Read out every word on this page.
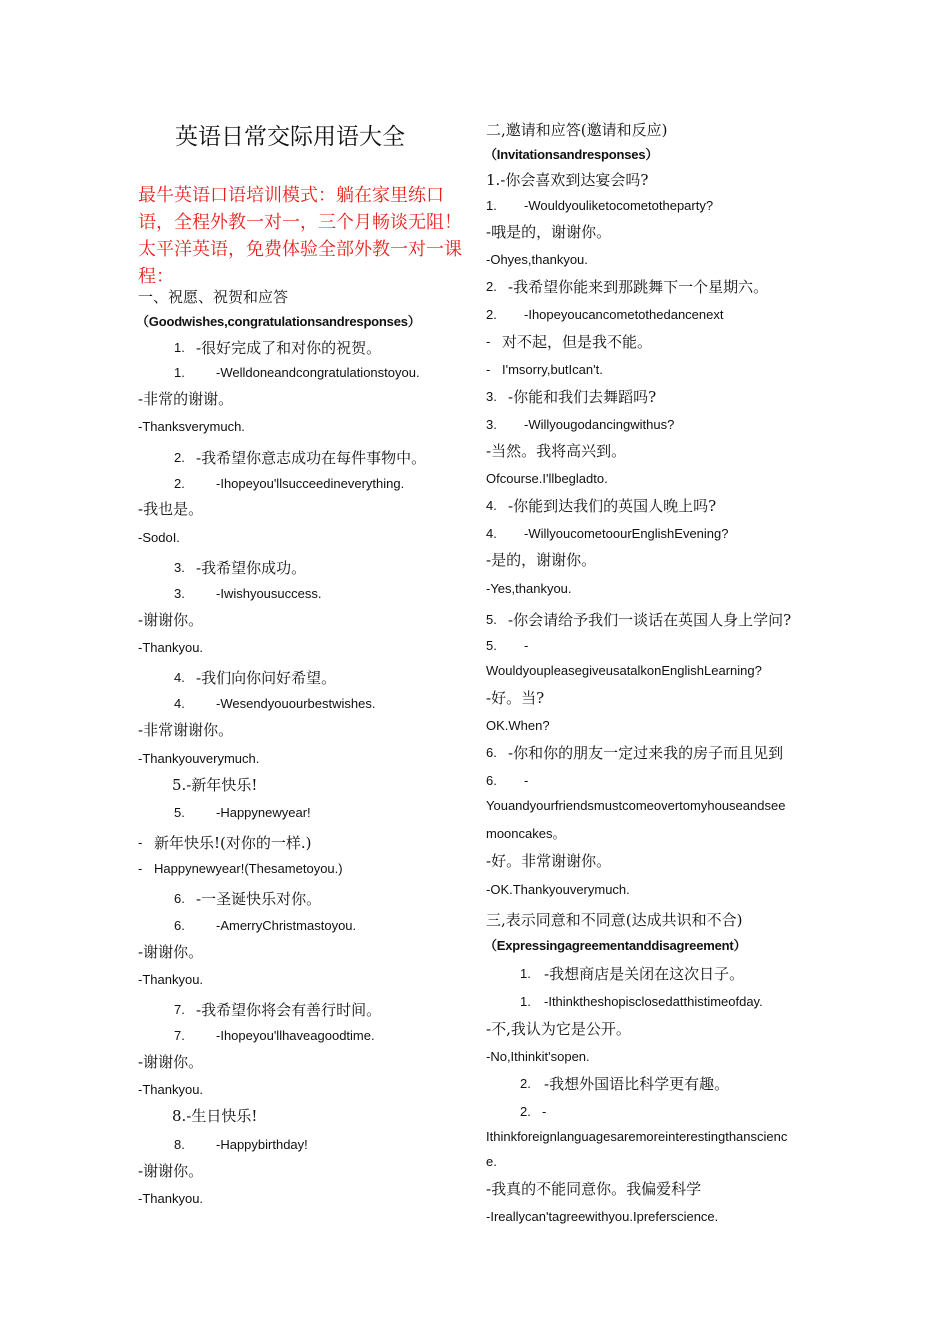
英语日常交际用语大全

最牛英语口语培训模式：躺在家里练口语，全程外教一对一，三个月畅谈无阻！太平洋英语，免费体验全部外教一对一课程：

一、祝愿、祝贺和应答
（Goodwishes,congratulationsandresponses）
1. -很好完成了和对你的祝贺。
1. -Welldoneandcongratulationstoyou.
-非常的谢谢。
-Thanksverymuch.
2. -我希望你意志成功在每件事物中。
2. -Ihopeyou'llsucceedineverything.
-我也是。
-SodoI.
3. -我希望你成功。
3. -Iwishyousuccess.
-谢谢你。
-Thankyou.
4. -我们向你问好希望。
4. -Wesendyouourbestwishes.
-非常谢谢你。
-Thankyouverymuch.
5.-新年快乐!
5. -Happynewyear!
- 新年快乐!(对你的一样.)
- Happynewyear!(Thesametoyou.)
6. -一圣诞快乐对你。
6. -AmerryChristmastoyou.
-谢谢你。
-Thankyou.
7. -我希望你将会有善行时间。
7. -Ihopeyou'llhaveagoodtime.
-谢谢你。
-Thankyou.
8.-生日快乐!
8. -Happybirthday!
-谢谢你。
-Thankyou.
二,邀请和应答(邀请和反应)
（Invitationsandresponses）
三,表示同意和不同意(达成共识和不合)
（Expressingagreementanddisagreement）
1.-你会喜欢到达宴会吗?
1. -Wouldyouliketocometotheparty?
-哦是的，谢谢你。
-Ohyes,thankyou.
2. -我希望你能来到那跳舞下一个星期六。
2. -Ihopeyoucancometothedancenext
- 对不起，但是我不能。
- I'msorry,butIcan't.
3. -你能和我们去舞蹈吗?
3. -Willyougodancingwithus?
-当然。我将高兴到。
Ofcourse.I'llbegladto.
4. -你能到达我们的英国人晚上吗?
4. -WillyoucometoourEnglishEvening?
-是的，谢谢你。
-Yes,thankyou.
5. -你会请给予我们一谈话在英国人身上学问?
5. -
WouldyoupleasegiveusatalkonEnglishLearning?
-好。当?
OK.When?
6. -你和你的朋友一定过来我的房子而且见到
6. -
Youandyourfriendsmustcomeovertomyhouseandsee
mooncakes。
-好。非常谢谢你。
-OK.Thankyouverymuch.
1. -我想商店是关闭在这次日子。
1. -Ithinktheshopisclosedatthistimeofday.
-不,我认为它是公开。
-No,Ithinkit'sopen.
2. -我想外国语比科学更有趣。
2. -
Ithinkforeignlanguagesaremoreinterestingthanscienc
e.
-我真的不能同意你。我偏爱科学
-Ireallycan'tagreewithyou.Ipreferscience.
